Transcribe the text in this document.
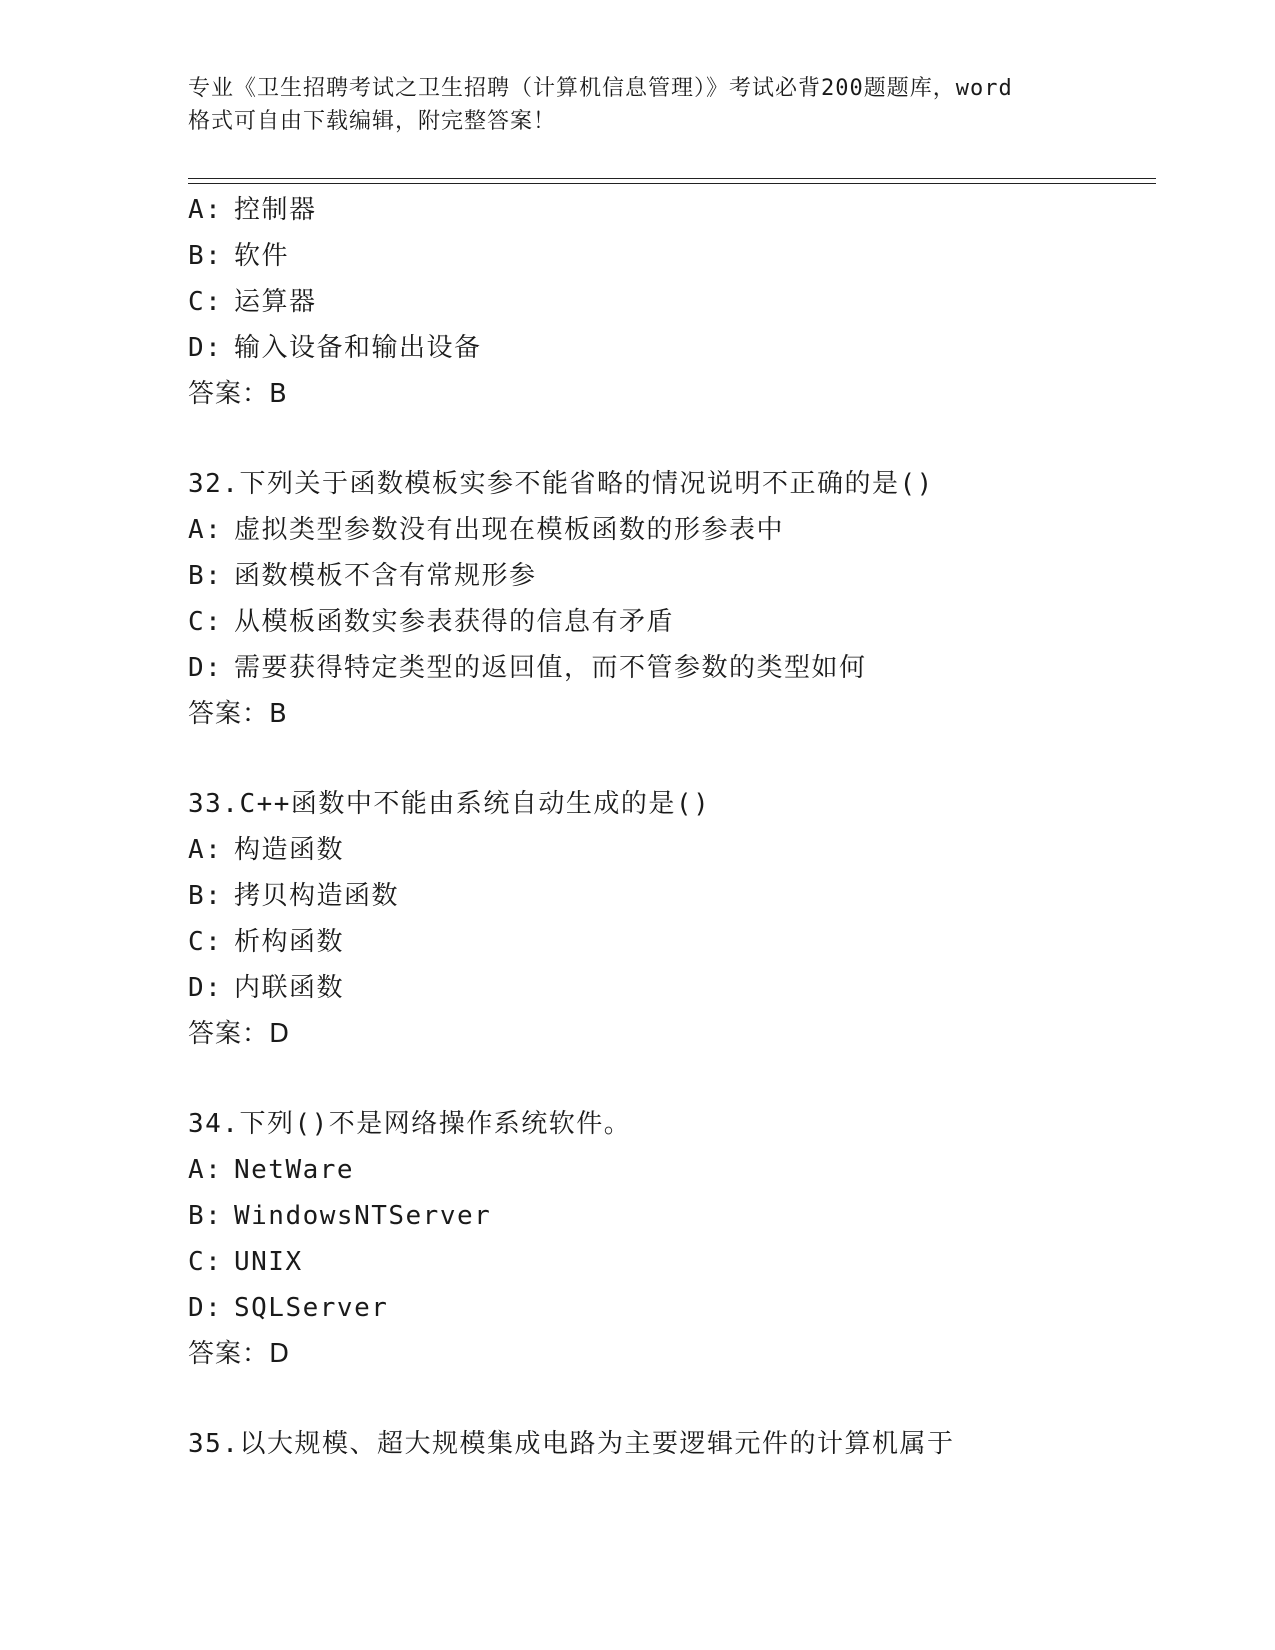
专业《卫生招聘考试之卫生招聘（计算机信息管理）》考试必背200题题库，word
格式可自由下载编辑，附完整答案！
A: 控制器
B: 软件
C: 运算器
D: 输入设备和输出设备
答案：B
32.下列关于函数模板实参不能省略的情况说明不正确的是()
A: 虚拟类型参数没有出现在模板函数的形参表中
B: 函数模板不含有常规形参
C: 从模板函数实参表获得的信息有矛盾
D: 需要获得特定类型的返回值，而不管参数的类型如何
答案：B
33.C++函数中不能由系统自动生成的是()
A: 构造函数
B: 拷贝构造函数
C: 析构函数
D: 内联函数
答案：D
34.下列()不是网络操作系统软件。
A: NetWare
B: WindowsNTServer
C: UNIX
D: SQLServer
答案：D
35.以大规模、超大规模集成电路为主要逻辑元件的计算机属于
